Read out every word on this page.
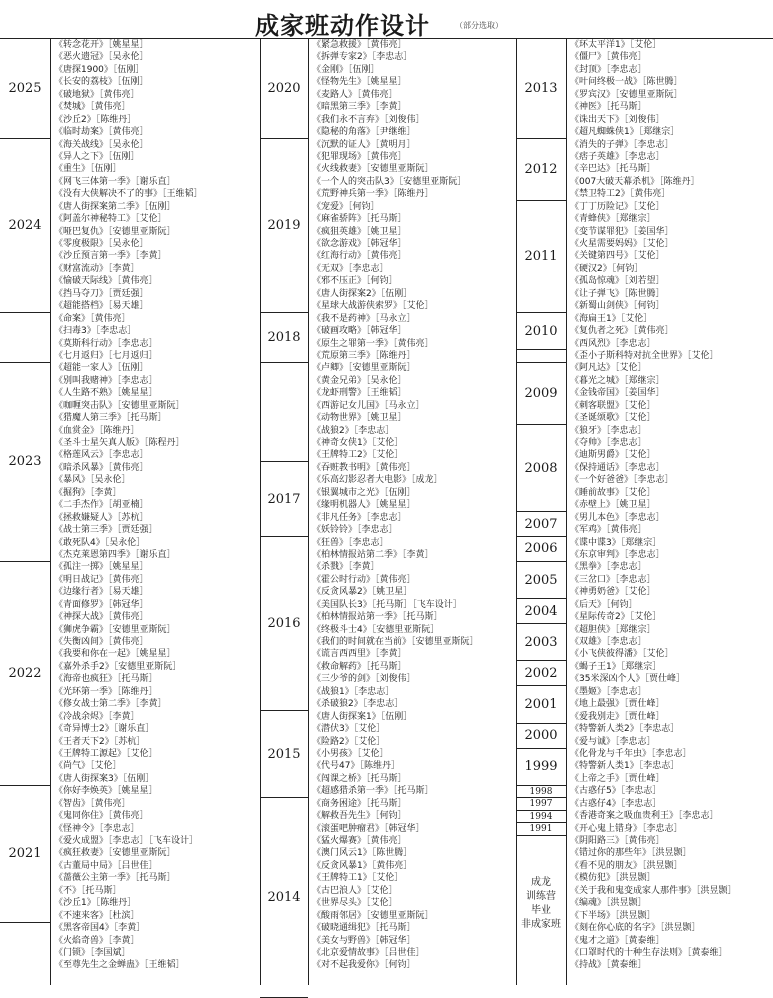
成家班动作设计	（部分选取）
2025
2024
2023
2022
2021
《转念花开》［姚星星］
《恶火遗冠》［吴永伦］
《唐探1900》［伍刚］
《长安的荔枝》［伍刚］
《破地狱》［黄伟亮］
《焚城》［黄伟亮］
《沙丘2》［陈维丹］
《临时劫案》［黄伟亮］
《海关战线》［吴永伦］
《异人之下》［伍刚］
《重生》［伍刚］
《网飞三体第一季》［谢乐直］
《没有大侠解决不了的事》［王维韬］
《唐人街探案第二季》［伍刚］
《阿盖尔神秘特工》［艾伦］
《哑巴复仇》［安德里亚斯阮］
《零度极限》［吴永伦］
《沙丘预言第一季》［李黄］
《财富流动》［李黄］
《愉破天际线》［黄伟亮］
《挡马夺刀》［贾廷强］
《超能搭档》［易天雄］
《命案》［黄伟亮］
《扫毒3》［李忠志］
《莫斯科行动》［李忠志］
《七月返归》［七月返归］
《超能一家人》［伍刚］
《别叫我赌神》［李忠志］
《人生路不熟》［姚星星］
《咖喱突击队》［安德里亚斯阮］
《猎魔人第三季》［托马斯］
《血赏金》［陈维丹］
《圣斗士星矢真人版》［陈程丹］
《格莲风云》［李忠志］
《暗杀风暴》［黄伟亮］
《暴风》［吴永伦］
《掘狗》［李黄］
《二手杰作》［胡亚楠］
《拯救嫌疑人》［苏杭］
《战士第三季》［贾廷强］
《敢死队4》［吴永伦］
《杰克莱恩第四季》［谢乐直］
《孤注一掷》［姚星星］
《明日战记》［黄伟亮］
《边缘行者》［易天雄］
《青面修罗》［韩冠华］
《神探大战》［黄伟亮］
《狮虎争霸》［安德里亚斯阮］
《失衡凶间》［黄伟亮］
《我要和你在一起》［姚星星］
《嘉外杀手2》［安德里亚斯阮］
《海帝也疯狂》［托马斯］
《光环第一季》［陈维丹］
《修女战士第二季》［李黄］
《冷战余烬》［李黄］
《奇异博士2》［谢乐直］
《王者天下2》［苏杭］
《王牌特工源起》［艾伦］
《尚气》［艾伦］
《唐人街探案3》［伍刚］
《你好李焕英》［姚星星］
《智齿》［黄伟亮］
《鬼同你住》［黄伟亮］
《怪神令》［李忠志］
《爱火成盟》［李忠志］［飞车设计］
《疯狂救妻》［安德里亚斯阮］
《古董局中局》［吕世佳］
《蔷薇公主第一季》［托马斯］
《不》［托马斯］
《沙丘1》［陈维丹］
《不速来客》［杜滨］
《黑客帝国4》［李黄］
《火焰奇兽》［李黄］
《门锁》［李国斌］
《至尊先生之金蝉蛊》［王维韬］
2020
2019
2018
2017
2016
2015
2014
《紧急救援》［黄伟亮］
《拆弹专家2》［李忠志］
《金刚》［伍刚］
《怪物先生》［姚星星］
《麦路人》［黄伟亮］
《暗黑第三季》［李黄］
《我们永不言弃》［刘俊伟］
《隐秘的角落》［尹继维］
《沉默的证人》［黄明月］
《犯罪现场》［黄伟亮］
《火线救妻》［安德里亚斯阮］
《一个人的突击队3》［安德里亚斯阮］
《荒野神兵第一季》［陈维丹］
《宠爱》［何钧］
《麻雀骄阵》［托马斯］
《疯狙英雄》［姚卫星］
《欲念游戏》［韩冠华］
《红海行动》［黄伟亮］
《无双》［李忠志］
《邪不压正》［何钧］
《唐人街探案2》［伍刚］
《星球大战游侠索罗》［艾伦］
《我不是药神》［马永立］
《破画攻略》［韩冠华］
《原生之罪第一季》［黄伟亮］
《荒原第三季》［陈维丹］
《卢卿》［安德里亚斯阮］
《黄金兄弟》［吴永伦］
《龙虾刑警》［王维韬］
《西游记女儿国》［马永立］
《动物世界》［姚卫星］
《战狼2》［李忠志］
《神奇女侠1》［艾伦］
《王牌特工2》［艾伦］
《吞赃教书明》［黄伟亮］
《乐高幻影忍者大电影》［成龙］
《银翼城市之光》［伍刚］
《缘明机器人》［姚星星］
《非凡任务》［李忠志］
《妖铃铃》［李忠志］
《狂兽》［李忠志］
《柏林情报站第二季》［李黄］
《杀戮》［李黄］
《霍公时行动》［黄伟亮］
《反贪风暴2》［姚卫星］
《美国队长3》［托马斯］［飞车设计］
《柏林情报站第一季》［托马斯］
《终极斗士4》［安德里亚斯阮］
《我们的时间就在当前》［安德里亚斯阮］
《谎言西西里》［李黄］
《救命解药》［托马斯］
《三少爷的剑》［刘俊伟］
《战狼1》［李忠志］
《杀破狼2》［李忠志］
《唐人街探案1》［伍刚］
《潜伏3》［艾伦］
《险路2》［艾伦］
《小男孩》［艾伦］
《代号47》［陈维丹］
《闯课之桥》［托马斯］
《超感猎杀第一季》［托马斯］
《商务困途》［托马斯］
《解救吾先生》［何钧］
《滚蛋吧肿瘤君》［韩冠华］
《猛火爆赛》［黄伟亮］
《澳门风云1》［陈世腾］
《反贪风暴1》［黄伟亮］
《王牌特工1》［艾伦］
《古巴浪人》［艾伦］
《世界尽头》［艾伦］
《酸雨邻居》［安德里亚斯阮］
《破晓通缉犯》［托马斯］
《美女与野兽》［韩冠华］
《北京爱情故事》［吕世佳］
《对不起我爱你》［何钧］
2013
2012
2011
2010
2009
2008
2007
2006
2005
2004
2003
2002
2001
2000
1999
1998
1997
1994
1991
成龙
训练营
毕业
非成家班
《环太平洋1》［艾伦］
《僵尸》［黄伟亮］
《封顶》［李忠志］
《叶问终极一战》［陈世腾］
《罗宾汉》［安德里亚斯阮］
《神医》［托马斯］
《诛出天下》［刘俊伟］
《超凡蜘蛛侠1》［郑继宗］
《消失的子弹》［李忠志］
《痞子英雄》［李忠志］
《辛巴达》［托马斯］
《007大破天幕杀机》［陈维丹］
《禁卫特工2》［黄伟亮］
《丁丁历险记》［艾伦］
《青蜂侠》［郑继宗］
《变节谋罪犯》［姜国华］
《火星需要妈妈》［艾伦］
《关键第四号》［艾伦］
《硬汉2》［何钧］
《孤岛惊魂》［刘若望］
《让子弹飞》［陈世腾］
《新蜀山剑侠》［何钧］
《海扁王1》［艾伦］
《复仇者之死》［黄伟亮］
《西风烈》［李忠志］
《歪小子斯科特对抗全世界》［艾伦］
《阿凡达》［艾伦］
《暮光之城》［郑继宗］
《金钱帝国》［姜国华］
《刺客联盟》［艾伦］
《圣诞颂歌》［艾伦］
《狼牙》［李忠志］
《夺帅》［李忠志］
《迪斯男爵》［艾伦］
《保持通话》［李忠志］
《一个好爸爸》［李忠志］
《睡前故事》［艾伦］
《赤壁上》［姚卫星］
《男儿本色》［李忠志］
《军鸡》［黄伟亮］
《谍中谍3》［郑继宗］
《东京审判》［李忠志］
《黑拳》［李忠志］
《三岔口》［李忠志］
《神勇奶爸》［艾伦］
《后天》［何钧］
《星际传奇2》［艾伦］
《超胆侠》［郑继宗］
《双雄》［李忠志］
《小飞侠彼得潘》［艾伦］
《蝎子王1》［郑继宗］
《35米深凶个人》［贾仕峰］
《墨姬》［李忠志］
《地上最强》［贾仕峰］
《爱我别走》［贾仕峰］
《特警新人类2》［李忠志］
《爱与诚》［李忠志］
《化骨龙与千年虫》［李忠志］
《特警新人类1》［李忠志］
《上帝之手》［贾仕峰］
《古惑仔5》［李忠志］
《古惑仔4》［李忠志］
《香港奇案之吸血贵利王》［李忠志］
《开心鬼上错身》［李忠志］
《阴阳路三》［黄伟亮］
《错过你的那些年》［洪昱颢］
《看不见的朋友》［洪昱颢］
《模仿犯》［洪昱颢］
《关于我和鬼变成家人那件事》［洪昱颢］
《编魂》［洪昱颢］
《下半场》［洪昱颢］
《刻在你心底的名字》［洪昱颢］
《鬼才之道》［黄泰维］
《口罩时代的十种生存法则》［黄泰维］
《持战》［黄泰维］
